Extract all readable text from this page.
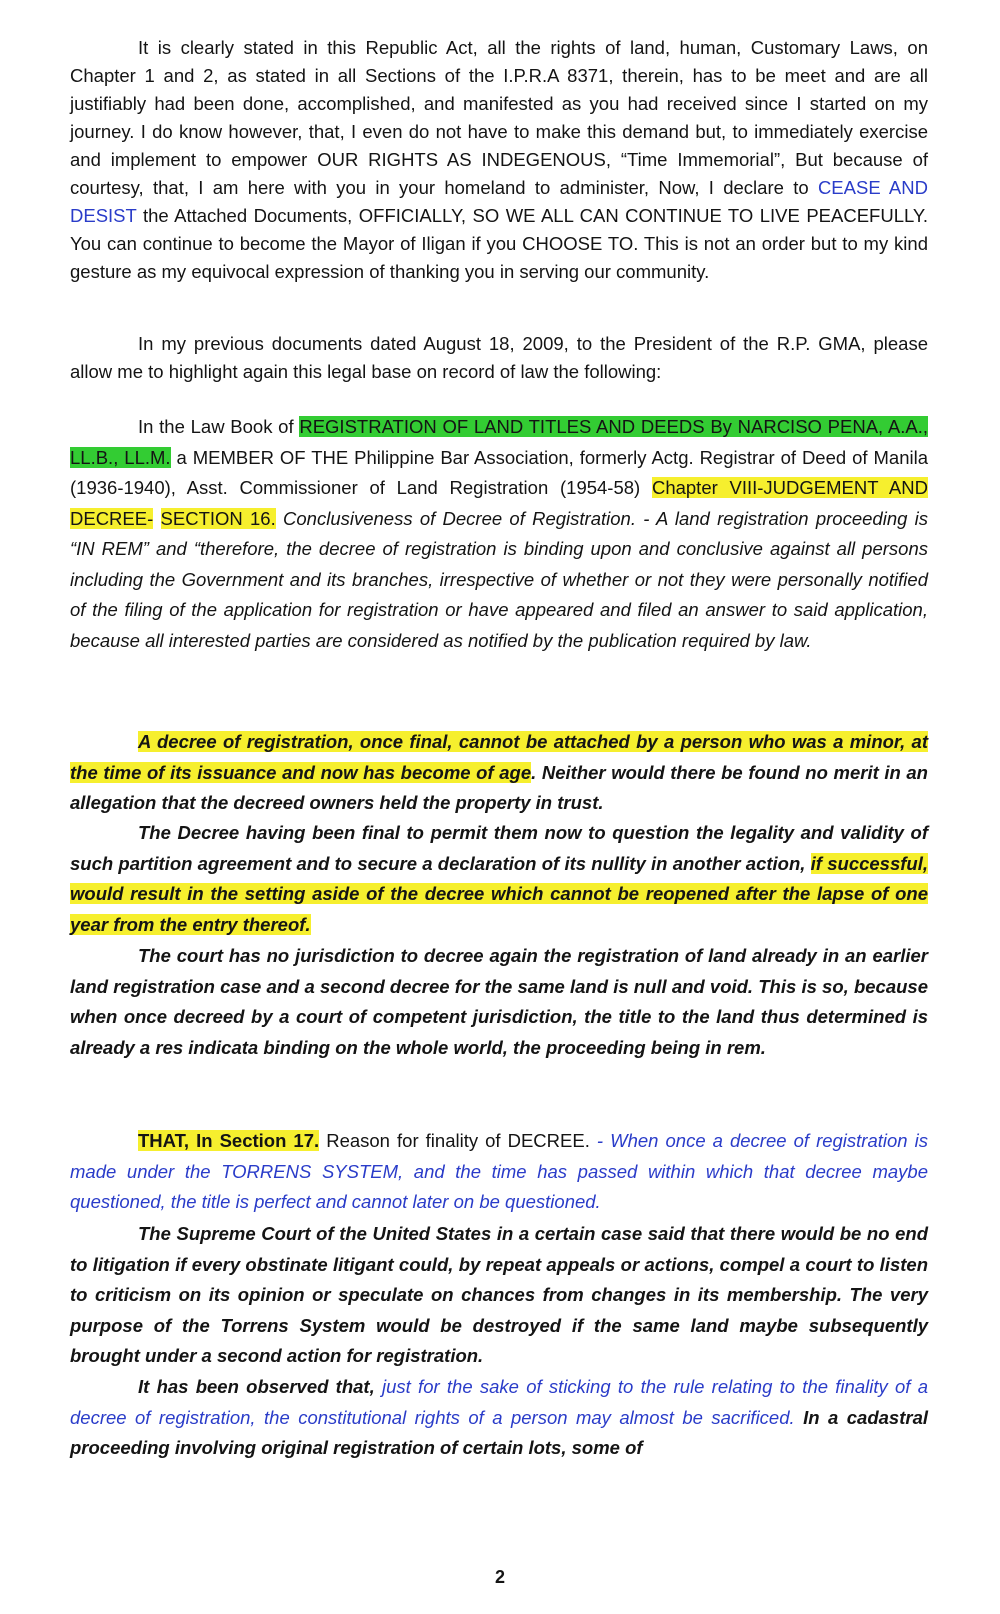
It is clearly stated in this Republic Act, all the rights of land, human, Customary Laws, on Chapter 1 and 2, as stated in all Sections of the I.P.R.A 8371, therein, has to be meet and are all justifiably had been done, accomplished, and manifested as you had received since I started on my journey. I do know however, that, I even do not have to make this demand but, to immediately exercise and implement to empower OUR RIGHTS AS INDEGENOUS, “Time Immemorial”, But because of courtesy, that, I am here with you in your homeland to administer, Now, I declare to CEASE AND DESIST the Attached Documents, OFFICIALLY, SO WE ALL CAN CONTINUE TO LIVE PEACEFULLY. You can continue to become the Mayor of Iligan if you CHOOSE TO. This is not an order but to my kind gesture as my equivocal expression of thanking you in serving our community.

In my previous documents dated August 18, 2009, to the President of the R.P. GMA, please allow me to highlight again this legal base on record of law the following:

In the Law Book of REGISTRATION OF LAND TITLES AND DEEDS By NARCISO PENA, A.A., LL.B., LL.M. a MEMBER OF THE Philippine Bar Association, formerly Actg. Registrar of Deed of Manila (1936-1940), Asst. Commissioner of Land Registration (1954-58) Chapter VIII-JUDGEMENT AND DECREE- SECTION 16. Conclusiveness of Decree of Registration. - A land registration proceeding is “IN REM” and “therefore, the decree of registration is binding upon and conclusive against all persons including the Government and its branches, irrespective of whether or not they were personally notified of the filing of the application for registration or have appeared and filed an answer to said application, because all interested parties are considered as notified by the publication required by law.

A decree of registration, once final, cannot be attached by a person who was a minor, at the time of its issuance and now has become of age. Neither would there be found no merit in an allegation that the decreed owners held the property in trust.

The Decree having been final to permit them now to question the legality and validity of such partition agreement and to secure a declaration of its nullity in another action, if successful, would result in the setting aside of the decree which cannot be reopened after the lapse of one year from the entry thereof.

The court has no jurisdiction to decree again the registration of land already in an earlier land registration case and a second decree for the same land is null and void. This is so, because when once decreed by a court of competent jurisdiction, the title to the land thus determined is already a res indicata binding on the whole world, the proceeding being in rem.

THAT, In Section 17. Reason for finality of DECREE. - When once a decree of registration is made under the TORRENS SYSTEM, and the time has passed within which that decree maybe questioned, the title is perfect and cannot later on be questioned.

The Supreme Court of the United States in a certain case said that there would be no end to litigation if every obstinate litigant could, by repeat appeals or actions, compel a court to listen to criticism on its opinion or speculate on chances from changes in its membership. The very purpose of the Torrens System would be destroyed if the same land maybe subsequently brought under a second action for registration.

It has been observed that, just for the sake of sticking to the rule relating to the finality of a decree of registration, the constitutional rights of a person may almost be sacrificed. In a cadastral proceeding involving original registration of certain lots, some of

2
